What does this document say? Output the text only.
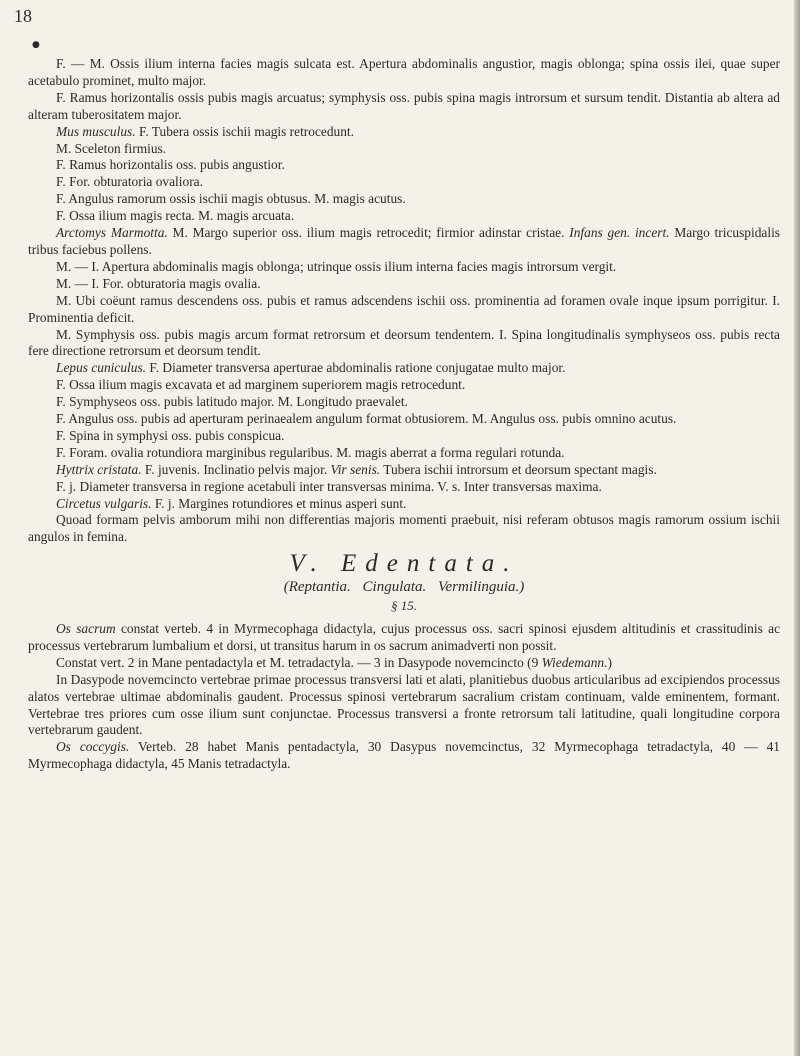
18
●

F. — M. Ossis ilium interna facies magis sulcata est. Apertura abdominalis angustior, magis oblonga; spina ossis ilei, quae super acetabulo prominet, multo major.

F. Ramus horizontalis ossis pubis magis arcuatus; symphysis oss. pubis spina magis introrsum et sursum tendit. Distantia ab altera ad alteram tuberositatem major.

Mus musculus. F. Tubera ossis ischii magis retrocedunt.

M. Sceleton firmius.

F. Ramus horizontalis oss. pubis angustior.

F. For. obturatoria ovaliora.

F. Angulus ramorum ossis ischii magis obtusus. M. magis acutus.

F. Ossa ilium magis recta. M. magis arcuata.

Arctomys Marmotta. M. Margo superior oss. ilium magis retrocedit; firmior adinstar cristae. Infans gen. incert. Margo tricuspidalis tribus faciebus pollens.

M. — I. Apertura abdominalis magis oblonga; utrinque ossis ilium interna facies magis introrsum vergit.

M. — I. For. obturatoria magis ovalia.

M. Ubi coëunt ramus descendens oss. pubis et ramus adscendens ischii oss. prominentia ad foramen ovale inque ipsum porrigitur. I. Prominentia deficit.

M. Symphysis oss. pubis magis arcum format retrorsum et deorsum tendentem. I. Spina longitudinalis symphyseos oss. pubis recta fere directione retrorsum et deorsum tendit.

Lepus cuniculus. F. Diameter transversa aperturae abdominalis ratione conjugatae multo major.

F. Ossa ilium magis excavata et ad marginem superiorem magis retrocedunt.

F. Symphyseos oss. pubis latitudo major. M. Longitudo praevalet.

F. Angulus oss. pubis ad aperturam perinaealem angulum format obtusiorem. M. Angulus oss. pubis omnino acutus.

F. Spina in symphysi oss. pubis conspicua.

F. Foram. ovalia rotundiora marginibus regularibus. M. magis aberrat a forma regulari rotunda.

Hyttrix cristata. F. juvenis. Inclinatio pelvis major. Vir senis. Tubera ischii introrsum et deorsum spectant magis.

F. j. Diameter transversa in regione acetabuli inter transversas minima. V. s. Inter transversas maxima.

Circetus vulgaris. F. j. Margines rotundiores et minus asperi sunt.

Quoad formam pelvis amborum mihi non differentias majoris momenti praebuit, nisi referam obtusos magis ramorum ossium ischii angulos in femina.

V. Edentata.
(Reptantia. Cingulata. Vermilinguia.)
§ 15.

Os sacrum constat verteb. 4 in Myrmecophaga didactyla, cujus processus oss. sacri spinosi ejusdem altitudinis et crassitudinis ac processus vertebrarum lumbalium et dorsi, ut transitus harum in os sacrum animadverti non possit.

Constat vert. 2 in Mane pentadactyla et M. tetradactyla. — 3 in Dasypode novemcincto (9 Wiedemann.)

In Dasypode novemcincto vertebrae primae processus transversi lati et alati, planitiebus duobus articularibus ad excipiendos processus alatos vertebrae ultimae abdominalis gaudent. Processus spinosi vertebrarum sacralium cristam continuam, valde eminentem, formant. Vertebrae tres priores cum osse ilium sunt conjunctae. Processus transversi a fronte retrorsum tali latitudine, quali longitudine corpora vertebrarum gaudent.

Os coccygis. Verteb. 28 habet Manis pentadactyla, 30 Dasypus novemcinctus, 32 Myrmecophaga tetradactyla, 40 — 41 Myrmecophaga didactyla, 45 Manis tetradactyla.
